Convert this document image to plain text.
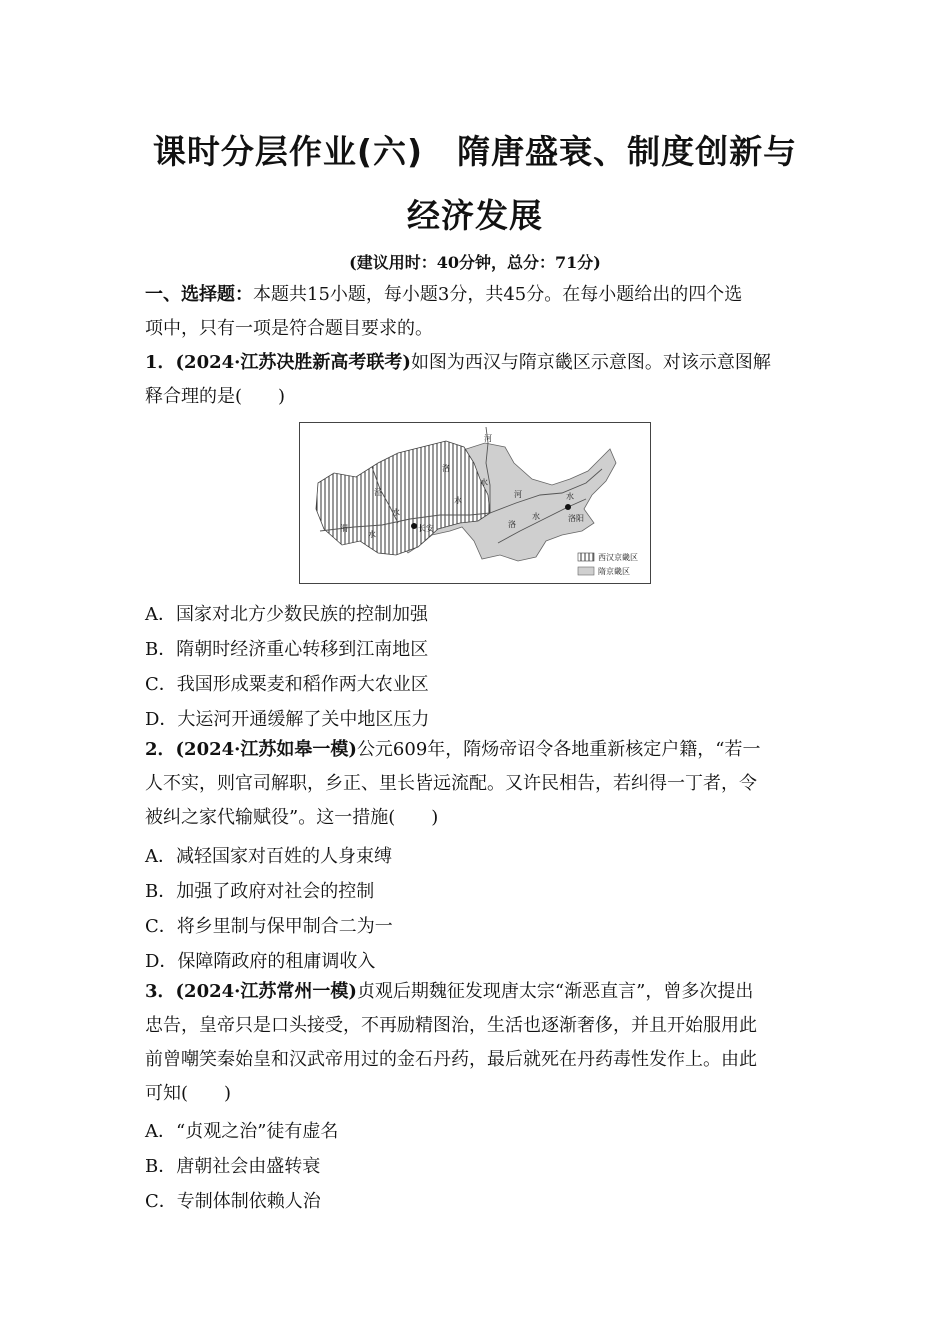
课时分层作业(六)　隋唐盛衰、制度创新与
经济发展
(建议用时：40分钟，总分：71分)
一、选择题：本题共15小题，每小题3分，共45分。在每小题给出的四个选
项中，只有一项是符合题目要求的。
1．(2024·江苏决胜新高考联考)如图为西汉与隋京畿区示意图。对该示意图解
释合理的是(　　)
河
洛
泾
渭
水
水
水
水
长安
河	水
洛
水	洛阳
西汉京畿区
隋京畿区
A．国家对北方少数民族的控制加强
B．隋朝时经济重心转移到江南地区
C．我国形成粟麦和稻作两大农业区
D．大运河开通缓解了关中地区压力
2．(2024·江苏如皋一模)公元609年，隋炀帝诏令各地重新核定户籍，“若一
人不实，则官司解职，乡正、里长皆远流配。又许民相告，若纠得一丁者，令
被纠之家代输赋役”。这一措施(　　)
A．减轻国家对百姓的人身束缚
B．加强了政府对社会的控制
C．将乡里制与保甲制合二为一
D．保障隋政府的租庸调收入
3．(2024·江苏常州一模)贞观后期魏征发现唐太宗“渐恶直言”，曾多次提出
忠告，皇帝只是口头接受，不再励精图治，生活也逐渐奢侈，并且开始服用此
前曾嘲笑秦始皇和汉武帝用过的金石丹药，最后就死在丹药毒性发作上。由此
可知(　　)
A．“贞观之治”徒有虚名
B．唐朝社会由盛转衰
C．专制体制依赖人治
